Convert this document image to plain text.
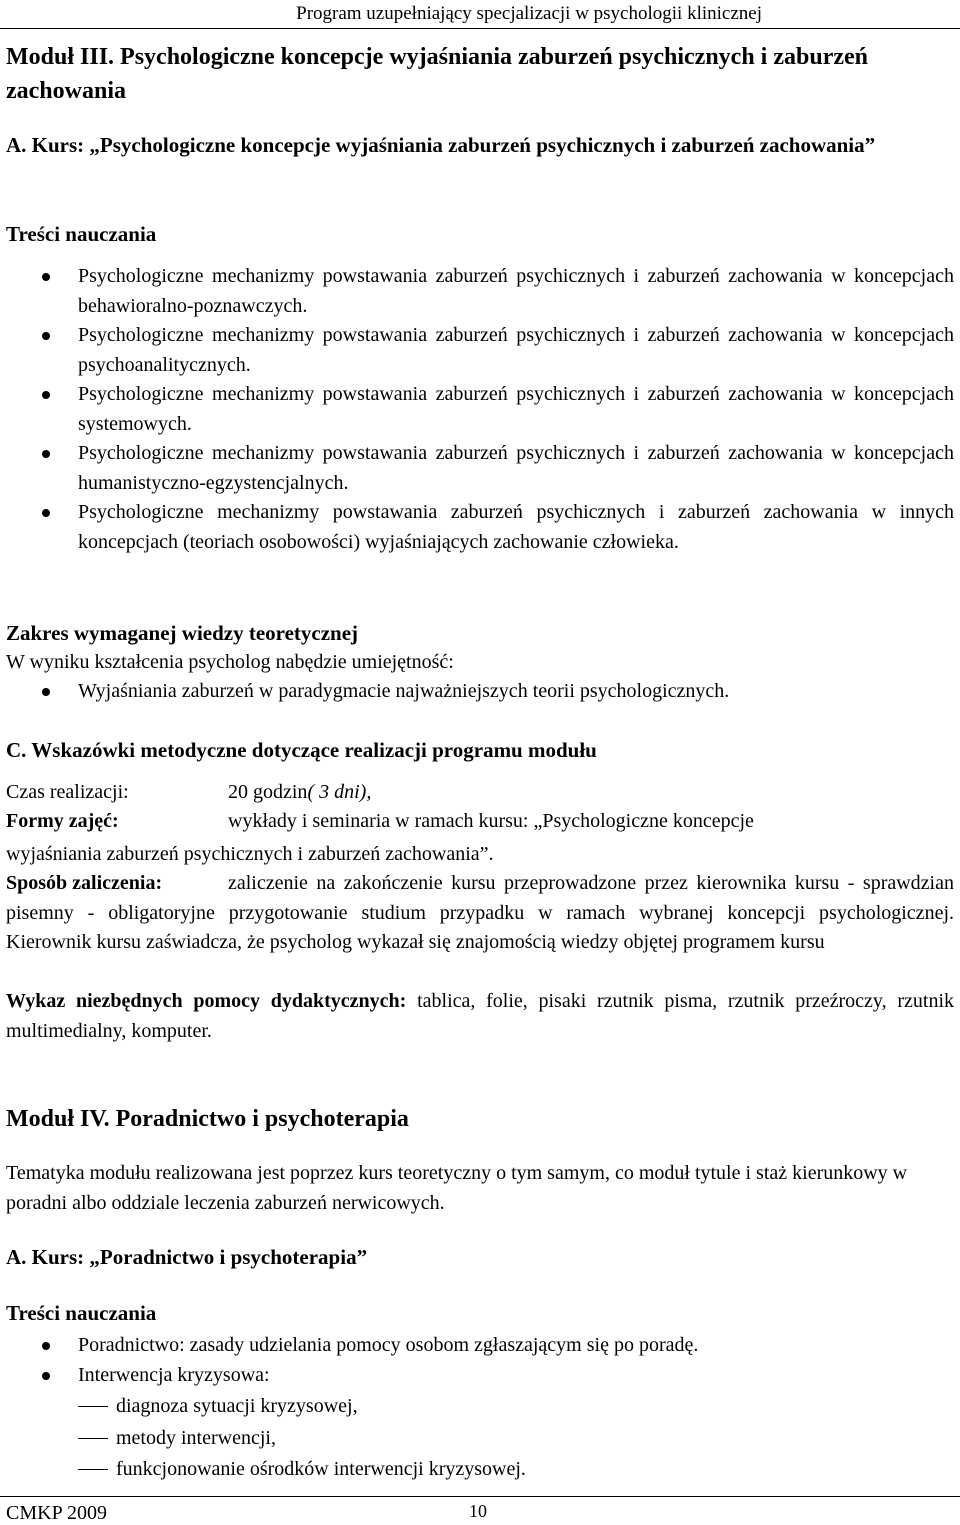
Program uzupełniający specjalizacji w psychologii klinicznej
Moduł III. Psychologiczne koncepcje wyjaśniania zaburzeń psychicznych i zaburzeń zachowania
A. Kurs: „Psychologiczne koncepcje wyjaśniania zaburzeń psychicznych i zaburzeń zachowania”
Treści nauczania
Psychologiczne mechanizmy powstawania zaburzeń psychicznych i zaburzeń zachowania w koncepcjach behawioralno-poznawczych.
Psychologiczne mechanizmy powstawania zaburzeń psychicznych i zaburzeń zachowania w koncepcjach psychoanalitycznych.
Psychologiczne mechanizmy powstawania zaburzeń psychicznych i zaburzeń zachowania w koncepcjach systemowych.
Psychologiczne mechanizmy powstawania zaburzeń psychicznych i zaburzeń zachowania w koncepcjach humanistyczno-egzystencjalnych.
Psychologiczne mechanizmy powstawania zaburzeń psychicznych i zaburzeń zachowania w innych koncepcjach (teoriach osobowości) wyjaśniających zachowanie człowieka.
Zakres wymaganej wiedzy teoretycznej
W wyniku kształcenia psycholog nabędzie umiejętność:
Wyjaśniania zaburzeń w paradygmacie najważniejszych teorii psychologicznych.
C. Wskazówki metodyczne dotyczące realizacji programu modułu
Czas realizacji:	20 godzin( 3 dni),
Formy zajęć:	wykłady i seminaria w ramach kursu: „Psychologiczne koncepcje
wyjaśniania zaburzeń psychicznych i zaburzeń zachowania”.
Sposób zaliczenia:	zaliczenie na zakończenie kursu przeprowadzone przez kierownika kursu - sprawdzian pisemny - obligatoryjne przygotowanie studium przypadku w ramach wybranej koncepcji psychologicznej. Kierownik kursu zaświadcza, że psycholog wykazał się znajomością wiedzy objętej programem kursu
Wykaz niezbędnych pomocy dydaktycznych: tablica, folie, pisaki rzutnik pisma, rzutnik przeźroczy, rzutnik multimedialny, komputer.
Moduł IV. Poradnictwo i psychoterapia
Tematyka modułu realizowana jest poprzez kurs teoretyczny o tym samym, co moduł tytule i staż kierunkowy w poradni albo oddziale leczenia zaburzeń nerwicowych.
A. Kurs: „Poradnictwo i psychoterapia”
Treści nauczania
Poradnictwo: zasady udzielania pomocy osobom zgłaszającym się po poradę.
Interwencja kryzysowa:
diagnoza sytuacji kryzysowej,
metody interwencji,
funkcjonowanie ośrodków interwencji kryzysowej.
CMKP 2009	10
